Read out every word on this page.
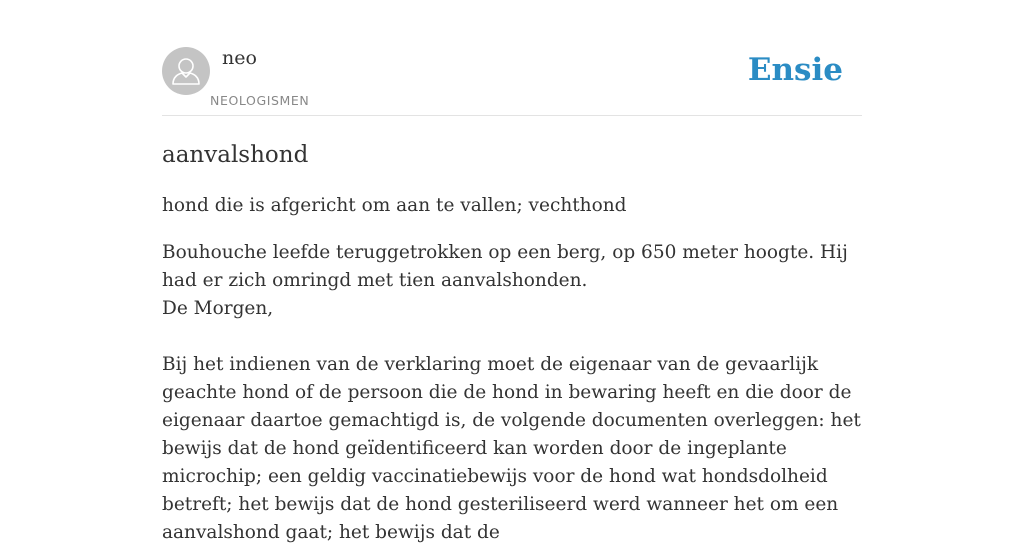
neo
NEOLOGISMEN
Ensie
aanvalshond

hond die is afgericht om aan te vallen; vechthond

Bouhouche leefde teruggetrokken op een berg, op 650 meter hoogte. Hij had er zich omringd met tien aanvalshonden.
De Morgen,

Bij het indienen van de verklaring moet de eigenaar van de gevaarlijk geachte hond of de persoon die de hond in bewaring heeft en die door de eigenaar daartoe gemachtigd is, de volgende documenten overleggen: het bewijs dat de hond geïdentificeerd kan worden door de ingeplante microchip; een geldig vaccinatiebewijs voor de hond wat hondsdolheid betreft; het bewijs dat de hond gesteriliseerd werd wanneer het om een aanvalshond gaat; het bewijs dat de
